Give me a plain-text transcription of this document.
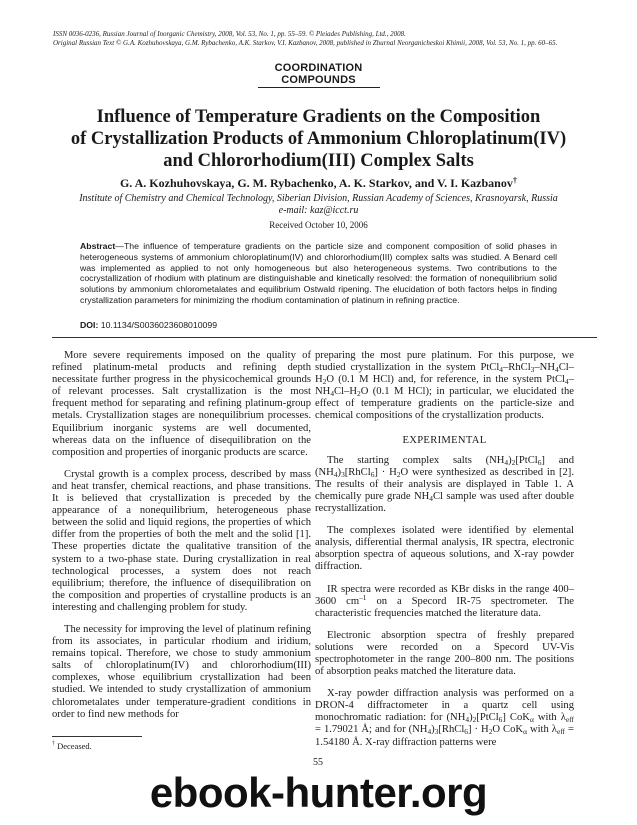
ISSN 0036-0236, Russian Journal of Inorganic Chemistry, 2008, Vol. 53, No. 1, pp. 55–59. © Pleiades Publishing, Ltd., 2008.
Original Russian Text © G.A. Kozhuhovskaya, G.M. Rybachenko, A.K. Starkov, V.I. Kazbanov, 2008, published in Zhurnal Neorganicheskoi Khimii, 2008, Vol. 53, No. 1, pp. 60–65.
COORDINATION
COMPOUNDS
Influence of Temperature Gradients on the Composition
of Crystallization Products of Ammonium Chloroplatinum(IV)
and Chlororhodium(III) Complex Salts
G. A. Kozhuhovskaya, G. M. Rybachenko, A. K. Starkov, and V. I. Kazbanov†
Institute of Chemistry and Chemical Technology, Siberian Division, Russian Academy of Sciences, Krasnoyarsk, Russia
e-mail: kaz@icct.ru
Received October 10, 2006
Abstract—The influence of temperature gradients on the particle size and component composition of solid phases in heterogeneous systems of ammonium chloroplatinum(IV) and chlororhodium(III) complex salts was studied. A Benard cell was implemented as applied to not only homogeneous but also heterogeneous systems. Two contributions to the cocrystallization of rhodium with platinum are distinguishable and kinetically resolved: the formation of nonequilibrium solid solutions by ammonium chlorometalates and equilibrium Ostwald ripening. The elucidation of both factors helps in finding crystallization parameters for minimizing the rhodium contamination of platinum in refining practice.
DOI: 10.1134/S0036023608010099

More severe requirements imposed on the quality of refined platinum-metal products and refining depth necessitate further progress in the physicochemical grounds of relevant processes. Salt crystallization is the most frequent method for separating and refining platinum-group metals. Crystallization stages are nonequilibrium processes. Equilibrium inorganic systems are well documented, whereas data on the influence of disequilibration on the composition and properties of inorganic products are scarce.

Crystal growth is a complex process, described by mass and heat transfer, chemical reactions, and phase transitions. It is believed that crystallization is preceded by the appearance of a nonequilibrium, heterogeneous phase between the solid and liquid regions, the properties of which differ from the properties of both the melt and the solid [1]. These properties dictate the qualitative transition of the system to a two-phase state. During crystallization in real technological processes, a system does not reach equilibrium; therefore, the influence of disequilibration on the composition and properties of crystalline products is an interesting and challenging problem for study.

The necessity for improving the level of platinum refining from its associates, in particular rhodium and iridium, remains topical. Therefore, we chose to study ammonium salts of chloroplatinum(IV) and chlororhodium(III) complexes, whose equilibrium crystallization had been studied. We intended to study crystallization of ammonium chlorometalates under temperature-gradient conditions in order to find new methods for

preparing the most pure platinum. For this purpose, we studied crystallization in the system $PtCl_4-RhCl_3-NH_4Cl-H_2O$ (0.1 M HCl) and, for reference, in the system $PtCl_4-NH_4Cl-H_2O$ (0.1 M HCl); in particular, we elucidated the effect of temperature gradients on the particle-size and chemical compositions of the crystallization products.

EXPERIMENTAL

The starting complex salts $(NH_4)_2[PtCl_6]$ and $(NH_4)_3[RhCl_6] \cdot H_2O$ were synthesized as described in [2]. The results of their analysis are displayed in Table 1. A chemically pure grade $NH_4Cl$ sample was used after double recrystallization.

The complexes isolated were identified by elemental analysis, differential thermal analysis, IR spectra, electronic absorption spectra of aqueous solutions, and X-ray powder diffraction.

IR spectra were recorded as KBr disks in the range 400–3600 $cm^{-1}$ on a Specord IR-75 spectrometer. The characteristic frequencies matched the literature data.

Electronic absorption spectra of freshly prepared solutions were recorded on a Specord UV-Vis spectrophotometer in the range 200–800 nm. The positions of absorption peaks matched the literature data.

X-ray powder diffraction analysis was performed on a DRON-4 diffractometer in a quartz cell using monochromatic radiation: for $(NH_4)_2[PtCl_6]$ CoK$_\alpha$ with $\lambda_{eff} = 1.79021$ Å; and for $(NH_4)_3[RhCl_6] \cdot H_2O$ CoK$_\alpha$ with $\lambda_{eff} = 1.54180$ Å. X-ray diffraction patterns were

† Deceased.
55
ebook-hunter.org
